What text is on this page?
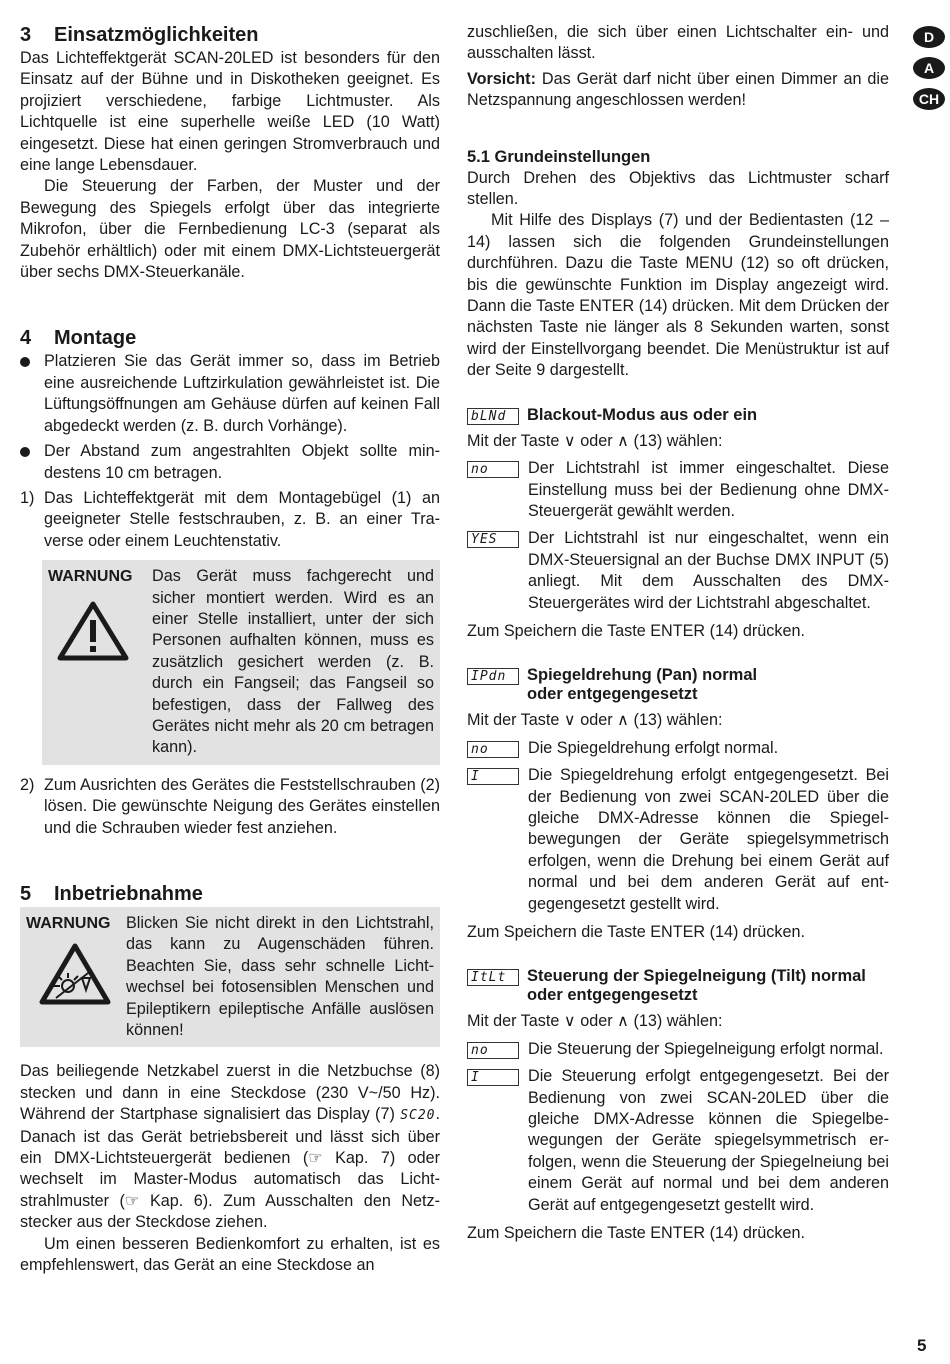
3 Einsatzmöglichkeiten

Das Lichteffektgerät SCAN-20LED ist besonders für den Einsatz auf der Bühne und in Diskotheken geeignet. Es projiziert verschiedene, farbige Lichtmuster. Als Lichtquelle ist eine superhelle weiße LED (10 Watt) eingesetzt. Diese hat einen geringen Stromverbrauch und eine lange Lebensdauer.

Die Steuerung der Farben, der Muster und der Bewegung des Spiegels erfolgt über das integrierte Mikrofon, über die Fernbedienung LC-3 (separat als Zubehör erhältlich) oder mit einem DMX-Lichtsteuergerät über sechs DMX-Steuerkanäle.

4 Montage

Platzieren Sie das Gerät immer so, dass im Betrieb eine ausreichende Luftzirkulation gewährleistet ist. Die Lüftungsöffnungen am Gehäuse dürfen auf keinen Fall abgedeckt werden (z. B. durch Vorhänge).

Der Abstand zum angestrahlten Objekt sollte mindestens 10 cm betragen.

1) Das Lichteffektgerät mit dem Montagebügel (1) an geeigneter Stelle festschrauben, z. B. an einer Traverse oder einem Leuchtenstativ.

WARNUNG	Das Gerät muss fachgerecht und sicher montiert werden. Wird es an einer Stelle installiert, unter der sich Personen aufhalten können, muss es zusätzlich gesichert werden (z. B. durch ein Fangseil; das Fangseil so befestigen, dass der Fallweg des Gerätes nicht mehr als 20 cm betragen kann).

2) Zum Ausrichten des Gerätes die Feststellschrauben (2) lösen. Die gewünschte Neigung des Gerätes einstellen und die Schrauben wieder fest anziehen.

5 Inbetriebnahme
WARNUNG Blicken Sie nicht direkt in den Lichtstrahl, das kann zu Augenschäden führen. Beachten Sie, dass sehr schnelle Lichtwechsel bei fotosensiblen Menschen und Epileptikern epileptische Anfälle auslösen können!

Das beiliegende Netzkabel zuerst in die Netzbuchse (8) stecken und dann in eine Steckdose (230 V~/50 Hz). Während der Startphase signalisiert das Display (7) SC20. Danach ist das Gerät betriebsbereit und lässt sich über ein DMX-Lichtsteuergerät bedienen (☞ Kap. 7) oder wechselt im Master-Modus automatisch das Lichtstrahlmuster (☞ Kap. 6). Zum Ausschalten den Netzstecker aus der Steckdose ziehen.

Um einen besseren Bedienkomfort zu erhalten, ist es empfehlenswert, das Gerät an eine Steckdose an

zuschließen, die sich über einen Lichtschalter ein- und ausschalten lässt.

Vorsicht: Das Gerät darf nicht über einen Dimmer an die Netzspannung angeschlossen werden!

5.1 Grundeinstellungen

Durch Drehen des Objektivs das Lichtmuster scharf stellen.

Mit Hilfe des Displays (7) und der Bedientasten (12 – 14) lassen sich die folgenden Grundeinstellungen durchführen. Dazu die Taste MENU (12) so oft drücken, bis die gewünschte Funktion im Display angezeigt wird. Dann die Taste ENTER (14) drücken. Mit dem Drücken der nächsten Taste nie länger als 8 Sekunden warten, sonst wird der Einstellvorgang beendet. Die Menüstruktur ist auf der Seite 9 dargestellt.

bLNd	Blackout-Modus aus oder ein

Mit der Taste ∨ oder ∧ (13) wählen:

no	Der Lichtstrahl ist immer eingeschaltet. Diese Einstellung muss bei der Bedienung ohne DMX-Steuergerät gewählt werden.

YES	Der Lichtstrahl ist nur eingeschaltet, wenn ein DMX-Steuersignal an der Buchse DMX INPUT (5) anliegt. Mit dem Ausschalten des DMX-Steuergerätes wird der Lichtstrahl abgeschaltet.

Zum Speichern die Taste ENTER (14) drücken.

IPdn	Spiegeldrehung (Pan) normal
oder entgegengesetzt

Mit der Taste ∨ oder ∧ (13) wählen:

no	Die Spiegeldrehung erfolgt normal.

I	Die Spiegeldrehung erfolgt entgegengesetzt. Bei der Bedienung von zwei SCAN-20LED über die gleiche DMX-Adresse können die Spiegelbewegungen der Geräte spiegelsymmetrisch erfolgen, wenn die Drehung bei einem Gerät auf normal und bei dem anderen Gerät auf entgegengesetzt gestellt wird.

Zum Speichern die Taste ENTER (14) drücken.

ItLt	Steuerung der Spiegelneigung (Tilt) normal
oder entgegengesetzt

Mit der Taste ∨ oder ∧ (13) wählen:

no	Die Steuerung der Spiegelneigung erfolgt normal.

I	Die Steuerung erfolgt entgegengesetzt. Bei der Bedienung von zwei SCAN-20LED über die gleiche DMX-Adresse können die Spiegelbewegungen der Geräte spiegelsymmetrisch erfolgen, wenn die Steuerung der Spiegelneiung bei einem Gerät auf normal und bei dem anderen Gerät auf entgegengesetzt gestellt wird.

Zum Speichern die Taste ENTER (14) drücken.

D
A
CH
5
